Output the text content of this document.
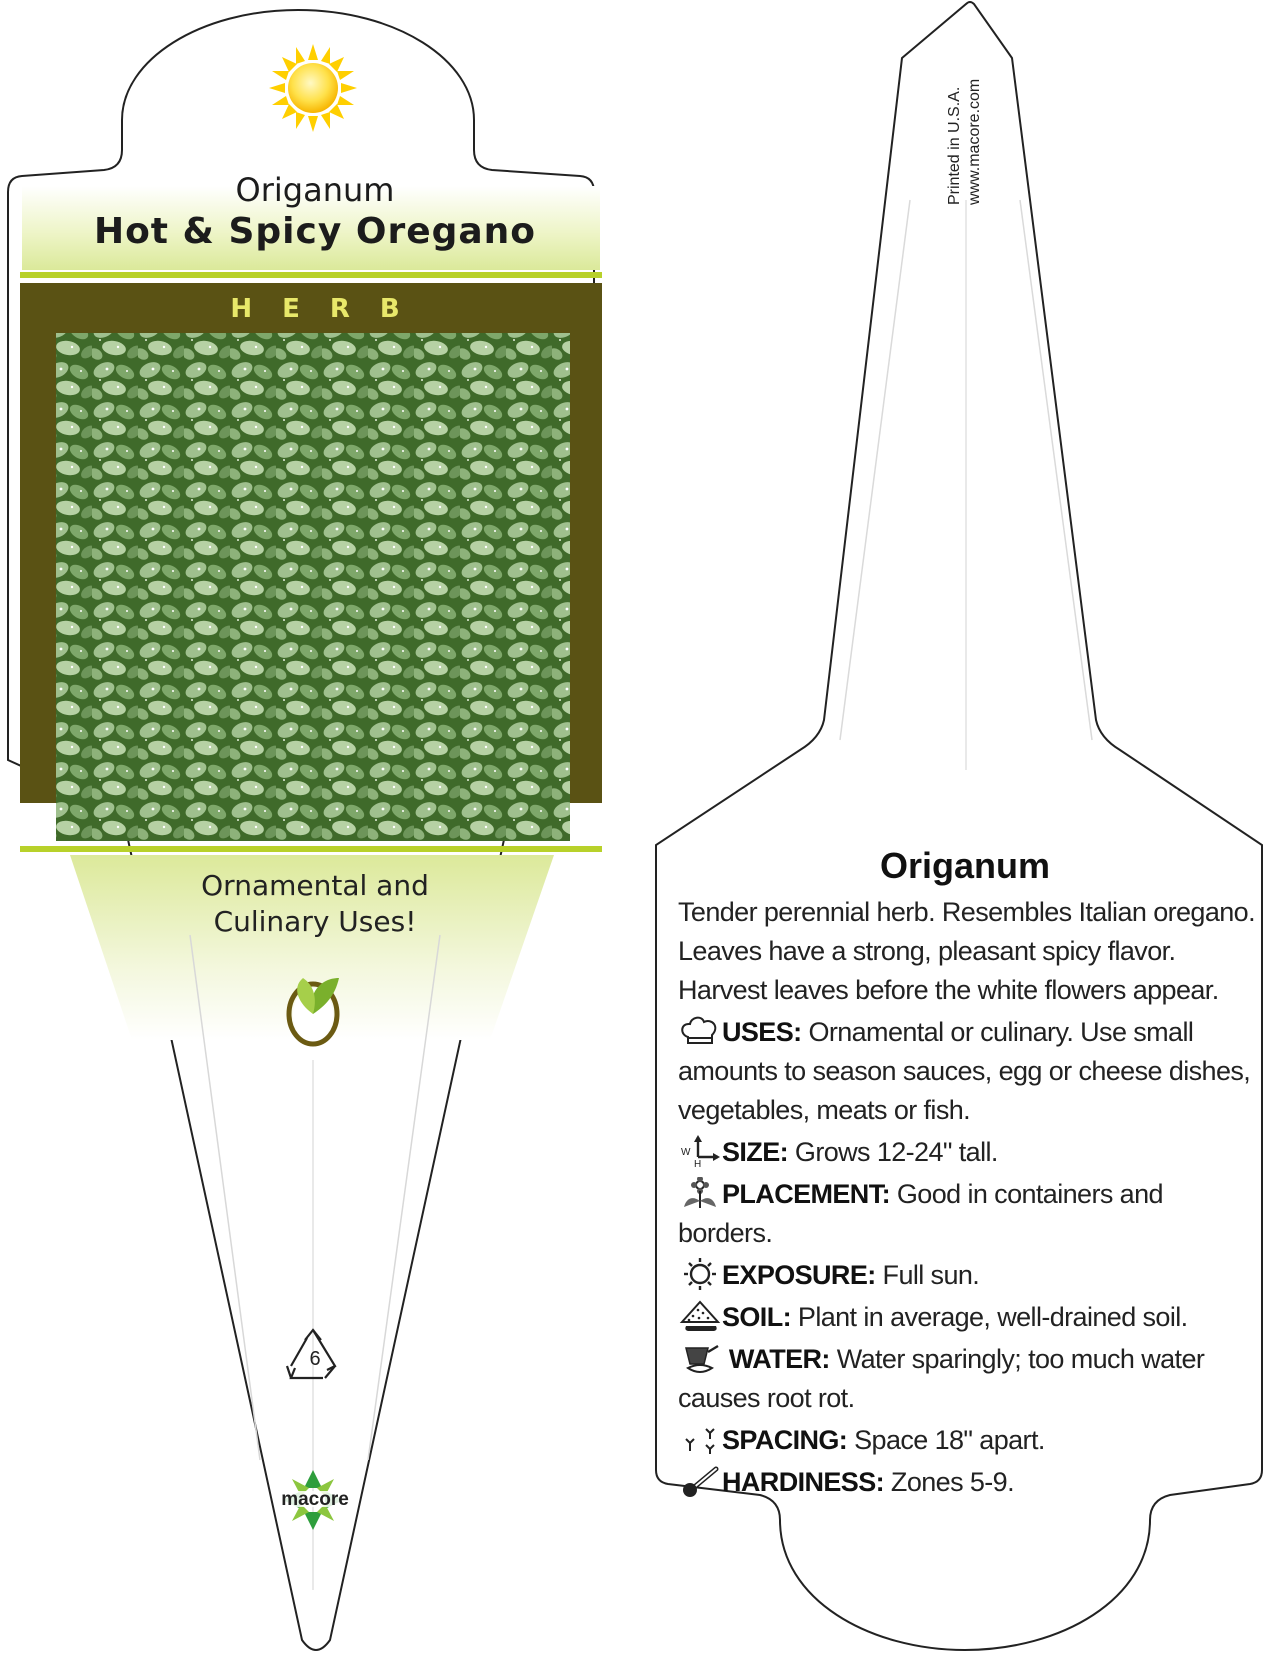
Origanum
Hot & Spicy Oregano
HERB
Ornamental and
Culinary Uses!
6
macore
Printed in U.S.A. www.macore.com
Origanum

Tender perennial herb. Resembles Italian oregano. Leaves have a strong, pleasant spicy flavor. Harvest leaves before the white flowers appear.

USES: Ornamental or culinary. Use small amounts to season sauces, egg or cheese dishes, vegetables, meats or fish.
W
H SIZE: Grows 12-24" tall.
PLACEMENT: Good in containers and borders.
EXPOSURE: Full sun.
SOIL: Plant in average, well-drained soil.
WATER: Water sparingly; too much water causes root rot.
SPACING: Space 18" apart.
HARDINESS: Zones 5-9.
